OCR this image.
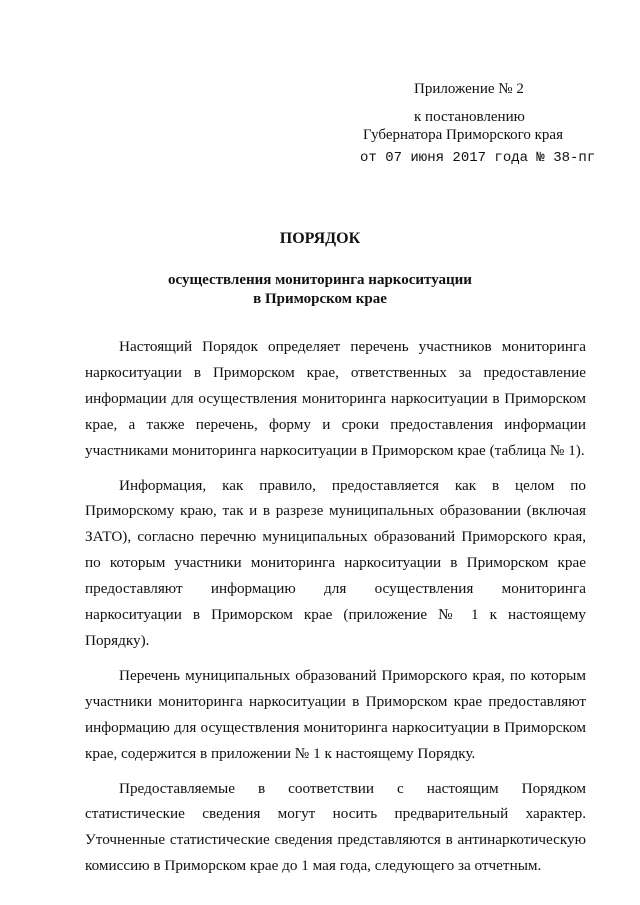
Приложение № 2
к постановлению
Губернатора Приморского края
от 07 июня 2017 года № 38-пг
ПОРЯДОК
осуществления мониторинга наркоситуации
в Приморском крае

Настоящий Порядок определяет перечень участников мониторинга наркоситуации в Приморском крае, ответственных за предоставление информации для осуществления мониторинга наркоситуации в Приморском крае, а также перечень, форму и сроки предоставления информации участниками мониторинга наркоситуации в Приморском крае (таблица № 1).

Информация, как правило, предоставляется как в целом по Приморскому краю, так и в разрезе муниципальных образовании (включая ЗАТО), согласно перечню муниципальных образований Приморского края, по которым участники мониторинга наркоситуации в Приморском крае предоставляют информацию для осуществления мониторинга наркоситуации в Приморском крае (приложение № 1 к настоящему Порядку).

Перечень муниципальных образований Приморского края, по которым участники мониторинга наркоситуации в Приморском крае предоставляют информацию для осуществления мониторинга наркоситуации в Приморском крае, содержится в приложении № 1 к настоящему Порядку.

Предоставляемые в соответствии с настоящим Порядком статистические сведения могут носить предварительный характер. Уточненные статистические сведения представляются в антинаркотическую комиссию в Приморском крае до 1 мая года, следующего за отчетным.
